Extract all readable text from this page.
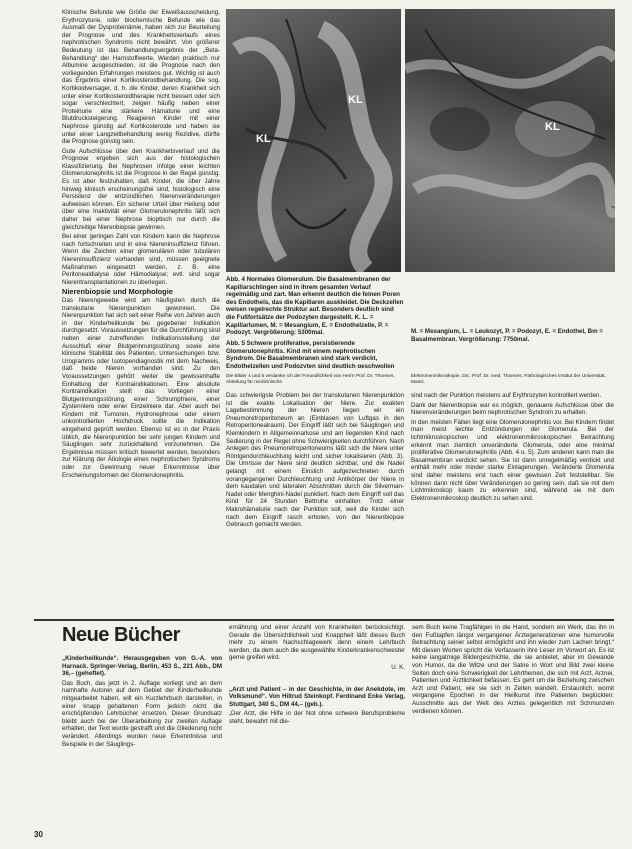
Klinische Befunde wie Größe der Eiweißausscheidung, Erythrozyturie, oder biochemische Befunde wie das Ausmaß der Dysproteinämie, haben sich zur Beurteilung der Prognose und des Krankheitsverlaufs eines nephrotischen Syndroms nicht bewährt. Von größerer Bedeutung ist das Behandlungsergebnis der „Beta-Behandlung“ der Harnstoffwerte. Werden praktisch nur Albumine ausgeschieden, ist die Prognose nach den vorliegenden Erfahrungen meistens gut. Wichtig ist auch das Ergebnis einer Kortikosteroidbehandlung. Die sog. Kortikoidversager, d. h. die Kinder, deren Krankheit sich unter einer Kortikosteroidtherapie nicht bessert oder sich sogar verschlechtert, zeigen häufig neben einer Proteinurie eine stärkere Hämaturie und eine Blutdrucksteigerung. Reagieren Kinder mit einer Nephrose günstig auf Kortikosteroide und haben sie unter einer Langzeitbehandlung wenig Rezidive, dürfte die Prognose günstig sein.

Gute Aufschlüsse über den Krankheitsverlauf und die Prognose ergeben sich aus der histologischen Klassifizierung. Bei Nephrosen infolge einer leichten Glomerulonephritis ist die Prognose in der Regel günstig. Es ist aber festzuhalten, daß Kinder, die über Jahre hinweg klinisch erscheinungsfrei sind, histologisch eine Persistenz der entzündlichen Nierenveränderungen aufweisen können. Ein sicherer Urteil über Heilung oder über eine Inaktivität einer Glomerulonephritis läßt sich daher bei einer Nephrose bioptisch nur durch die gleichzeitige Nierenbiopsie gewinnen.

Bei einer geringen Zahl von Kindern kann die Nephrose nach fortschreiten und in eine Niereninsuffizienz führen. Wenn die Zeichen einer glomerulären oder tubulären Niereninsuffizienz vorhanden sind, müssen geeignete Maßnahmen eingesetzt werden, z. B. eine Peritonealdialyse oder Hämodialyse; evtl. sind sogar Nierentransplantationen zu überlegen.

Nierenbiopsie und Morphologie

Das Nierengewebe wird am häufigsten durch die transkutane Nierenpunktion gewonnen. Die Nierenpunktion hat sich seit einer Reihe von Jahren auch in der Kinderheilkunde bei gegebener Indikation durchgesetzt. Voraussetzungen für die Durchführung sind neben einer zutreffenden Indikationsstellung der Ausschluß einer Blutgerinnungsstörung sowie eine klinische Stabilität des Patienten, Untersuchungen bzw. Urogramms oder Isotopendiagnostik mit dem Nachweis, daß beide Nieren vorhanden sind. Zu den Voraussetzungen gehört weiter die gewissenhafte Einhaltung der Kontraindikationen. Eine absolute Kontraindikation stellt das Vorliegen einer Blutgerinnungsstörung, einer Schrumpfniere, einer Zystenniere oder einer Einzelniere dar. Aber auch bei Kindern mit Tumoren, Hydronephrose oder einem unkontrollierten Hochdruck sollte die Indikation eingehend geprüft werden. Ebenso ist es in der Praxis üblich, die Nierenpunktion bei sehr jungen Kindern und Säuglingen sehr zurückhaltend vorzunehmen. Die Ergebnisse müssen kritisch bewertet werden, besonders zur Klärung der Ätiologie eines nephrotischen Syndroms oder zur Gewinnung neuer Erkenntnisse über Erscheinungsformen der Glomerulonephritis.

KL
KL
KL

Abb. 4 Normales Glomerulum. Die Basalmembranen der Kapillarschlingen sind in ihrem gesamten Verlauf regelmäßig und zart. Man erkennt deutlich die feinen Poren des Endothels, das die Kapillaren auskleidet. Die Deckzellen weisen regelrechte Struktur auf. Besonders deutlich sind die Fußfortsätze der Podozyten dargestellt. K. L. = Kapillarlumen, M. = Mesangium, E. = Endothelzelle, P. = Podozyt. Vergrößerung: 5300mal.

Abb. 5 Schwere proliferative, persistierende Glomerulonephritis. Kind mit einem nephrotischen Syndrom. Die Basalmembranen sind stark verdickt, Endothelzellen und Podozyten sind deutlich geschwollen

M. = Mesangium, L. = Leukozyt, P. = Podozyt, E. = Endothel, Bm = Basalmembran. Vergrößerung: 7750mal.

Die Bilder 4 und 5 verdanke ich der Freundlichkeit von Herrn Prof. Dr. Thoenes, Abteilung für medizinische

Elektronenmikroskopie, Dir.: Prof. Dr. med. Thoenes, Pathologisches Institut der Universität, Mainz.

Das schwierigste Problem bei der transkutanen Nierenpunktion ist die exakte Lokalisation der Niere. Zur exakten Lagebestimmung der Nieren liegen wir ein Pneumoretroperitoneum an (Einblasen von Luftgas in den Retroperitonealraum). Der Eingriff läßt sich bei Säuglingen und Kleinkindern in Allgemeinnarkose und am liegenden Kind nach Sedierung in der Regel ohne Schwierigkeiten durchführen. Nach Anlegen des Pneumoretroperitoneums läßt sich die Niere unter Röntgendurchleuchtung leicht und sicher lokalisieren (Abb. 3). Die Umrisse der Niere sind deutlich sichtbar, und die Nadel gelangt mit einem Einstich aufgezeichneten durch vorangegangener Durchleuchtung und Antikörper der Niere in dem kaudalen und lateralen Abschnitten durch die Silverman-Nadel oder Menghini-Nadel punktiert. Nach dem Eingriff soll das Kind für 24 Stunden Bettruhe einhalten. Trotz einer Makrohämaturie nach der Punktion soll, weil die Kinder sich nach dem Eingriff rasch erholen, von der Nierenbiopsie Gebrauch gemacht werden.

sind nach der Punktion meistens auf Erythrozyten kontrolliert werden.

Dank der Nierenbiopsie war es möglich, genauere Aufschlüsse über die Nierenveränderungen beim nephrotischen Syndrom zu erhalten.

In den meisten Fällen liegt eine Glomerulonephritis vor. Bei Kindern findet man meist leichte Entzündungen der Glomerula. Bei der lichtmikroskopischen und elektronenmikroskopischen Betrachtung erkennt man ziemlich unveränderte Glomerula, oder eine minimal proliferative Glomerulonephritis (Abb. 4 u. 5). Zum anderen kann man die Basalmembran verdickt sehen. Sie ist dann unregelmäßig verdickt und enthält mehr oder minder starke Einlagerungen. Veränderte Glomerula sind daher meistens erst nach einer gewissen Zeit feststellbar. Sie können dann nicht über Veränderungen so gering sein, daß sie mit dem Lichtmikroskop kaum zu erkennen sind, während sie mit dem Elektronenmikroskop deutlich zu sehen sind.

Neue Bücher

„Kinderheilkunde“. Herausgegeben von G.-A. von Harnack. Springer-Verlag, Berlin, 453 S., 221 Abb., DM 36,– (geheftet).

Das Buch, das jetzt in 2. Auflage vorliegt und an dem namhafte Autoren auf dem Gebiet der Kinderheilkunde mitgearbeitet haben, will ein Kurzlehrbuch darstellen, in einer knapp gehaltenen Form jedoch nicht die erschöpfenden Lehrbücher ersetzen. Dieser Grundsatz bleibt auch bei der Überarbeitung zur zweiten Auflage erhalten, der Text wurde gestrafft und die Gliederung nicht verändert. Allerdings wurden neue Erkenntnisse und Beispiele in der Säuglings-

ernährung und einer Anzahl von Krankheiten berücksichtigt. Gerade die Übersichtlichkeit und Knappheit läßt dieses Buch mehr zu einem Nachschlagewerk denn einem Lehrbuch werden, da dem auch die ausgewählte Kinderkrankenschwester gerne greifen wird.

U. K.

„Arzt und Patient – in der Geschichte, in der Anekdote, im Volksmund“. Von Hiltrud Steinkopf. Ferdinand Enke Verlag, Stuttgart, 340 S., DM 44,– (geb.).

„Der Arzt, die Hilfe in der Not ohne schwere Berufsprobleme steht, bewahrt mit die-

sem Buch keine Tragfähigen in die Hand, sondern ein Werk, das ihn in den Fußtapfen längst vergangener Ärztegenerationen eine humorvolle Betrachtung seiner selbst ermöglicht und ihn wieder zum Lachen bringt.“ Mit diesen Worten spricht die Verfasserin ihre Leser im Vorwort an. Es ist keine langatmige Bildergeschichte, die sie anbietet, aber im Gewande von Humor, da die Witze und der Satire in Wort und Bild zwei kleine Seiten doch eine Schwierigkeit der Lehrthemen, die sich mit Arzt, Arznei, Patienten und Ärztlichkeit befassen. Es geht um die Beziehung zwischen Arzt und Patient, wie sie sich in Zeiten wandelt. Erstaunlich, womit vergangene Epochen in der Heilkunst ihre Patienten beglückten: Ausschnitte aus der Welt des Arztes gelegentlich mit Schmunzeln verdienen können.

30
